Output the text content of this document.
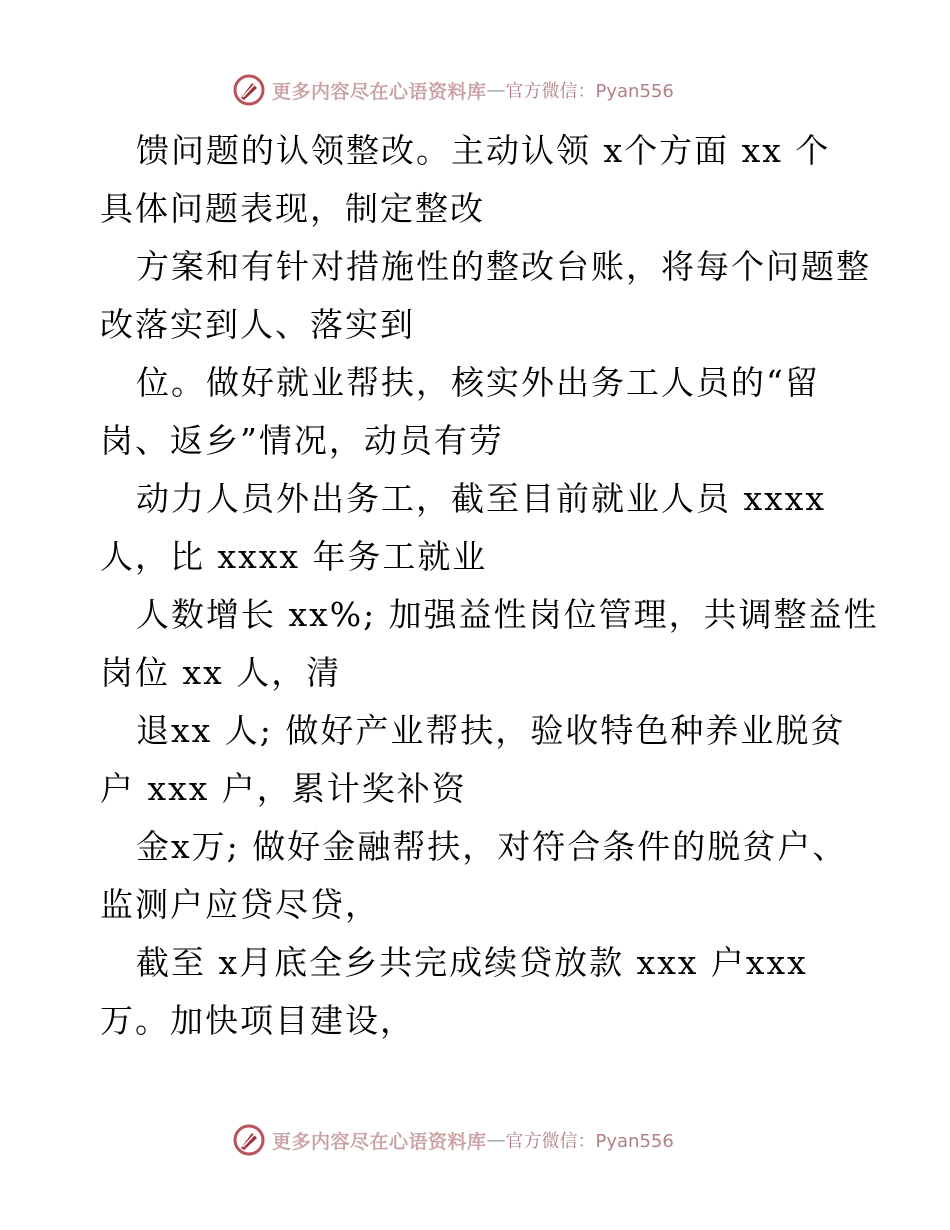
更多内容尽在心语资料库 — 官方微信：Pyan556
馈问题的认领整改。主动认领 x个方面 xx 个
具体问题表现，制定整改
方案和有针对措施性的整改台账，将每个问题整
改落实到人、落实到
位。做好就业帮扶，核实外出务工人员的“留
岗、返乡”情况，动员有劳
动力人员外出务工，截至目前就业人员 xxxx
人，比 xxxx 年务工就业
人数增长 xx%; 加强益性岗位管理，共调整益性
岗位 xx 人，清
退xx 人; 做好产业帮扶，验收特色种养业脱贫
户 xxx 户，累计奖补资
金x万; 做好金融帮扶，对符合条件的脱贫户、
监测户应贷尽贷，
截至 x月底全乡共完成续贷放款 xxx 户xxx
万。加快项目建设，
更多内容尽在心语资料库 — 官方微信：Pyan556
